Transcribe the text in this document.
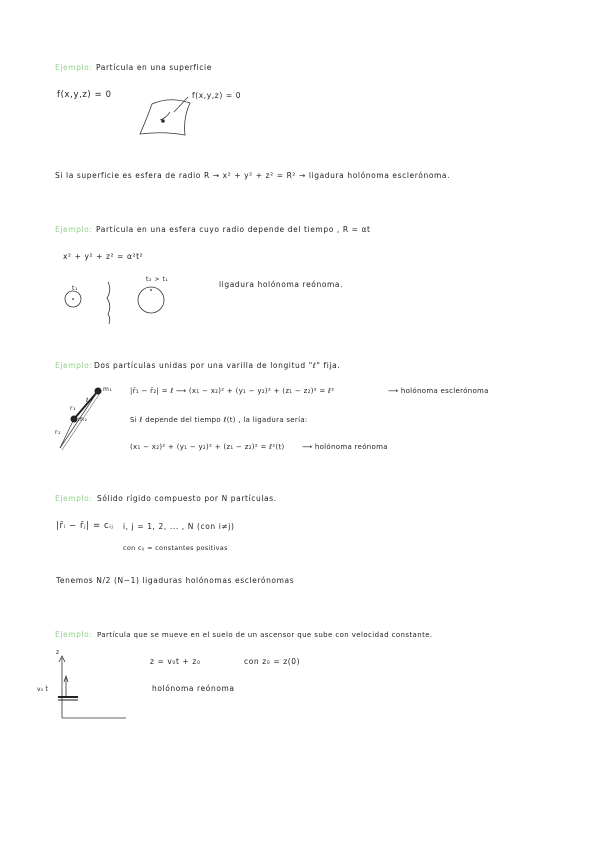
Ejemplo: Partícula en una superficie
f(x,y,z) = 0	f(x,y,z) = 0
Si la superficie es esfera de radio R → x² + y² + z² = R² → ligadura holónoma esclerónoma.
Ejemplo: Partícula en una esfera cuyo radio depende del tiempo , R = αt
x² + y² + z² = α²t²
t₁
t₂ > t₁
ligadura holónoma reónoma.
Ejemplo: Dos partículas unidas por una varilla de longitud "ℓ" fija.
m₁
m₂
r₁
r₂
ℓ
|r̄₁ − r̄₂| = ℓ ⟶ (x₁ − x₂)² + (y₁ − y₂)² + (z₁ − z₂)² = ℓ²	⟶ holónoma esclerónoma
Si ℓ depende del tiempo ℓ(t) , la ligadura sería:
(x₁ − x₂)² + (y₁ − y₂)² + (z₁ − z₂)² = ℓ²(t) ⟶ holónoma reónoma
Ejemplo: Sólido rígido compuesto por N partículas.
|r̄ᵢ − r̄ⱼ| = cᵢⱼ i, j = 1, 2, ... , N (con i≠j)
con cᵢⱼ = constantes positivas
Tenemos N/2 (N−1) ligaduras holónomas esclerónomas
Ejemplo: Partícula que se mueve en el suelo de un ascensor que sube con velocidad constante.
z
v₀ t̂
z = v₀t + z₀	con z₀ = z(0)
holónoma reónoma
